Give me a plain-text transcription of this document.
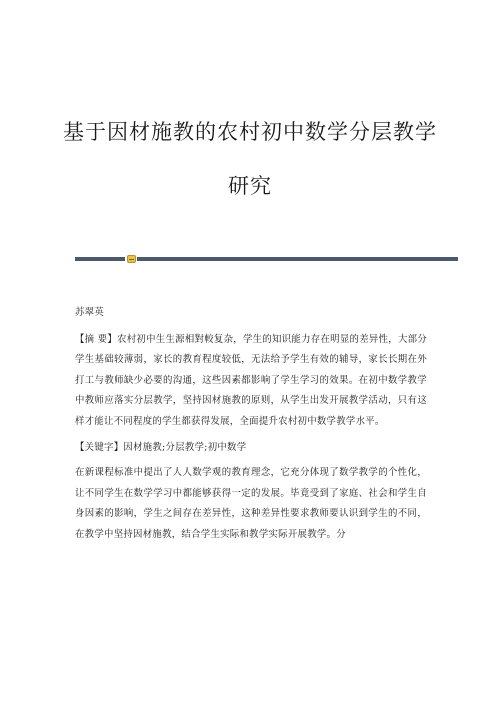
基于因材施教的农村初中数学分层教学
研究

苏翠英

【摘 要】农村初中生生源相對較复杂，学生的知识能力存在明显的差异性，大部分学生基础较薄弱，家长的教育程度较低，无法给予学生有效的辅导，家长长期在外打工与教师缺少必要的沟通，这些因素都影响了学生学习的效果。在初中数学教学中教师应落实分层教学，坚持因材施教的原则，从学生出发开展教学活动，只有这样才能让不同程度的学生都获得发展，全面提升农村初中数学教学水平。

【关键字】因材施教;分层教学;初中数学

在新课程标准中提出了人人数学观的教育理念，它充分体现了数学教学的个性化，让不同学生在数学学习中都能够获得一定的发展。毕竟受到了家庭、社会和学生自身因素的影响，学生之间存在差异性，这种差异性要求教师要认识到学生的不同，在教学中坚持因材施教，结合学生实际和教学实际开展教学。分
